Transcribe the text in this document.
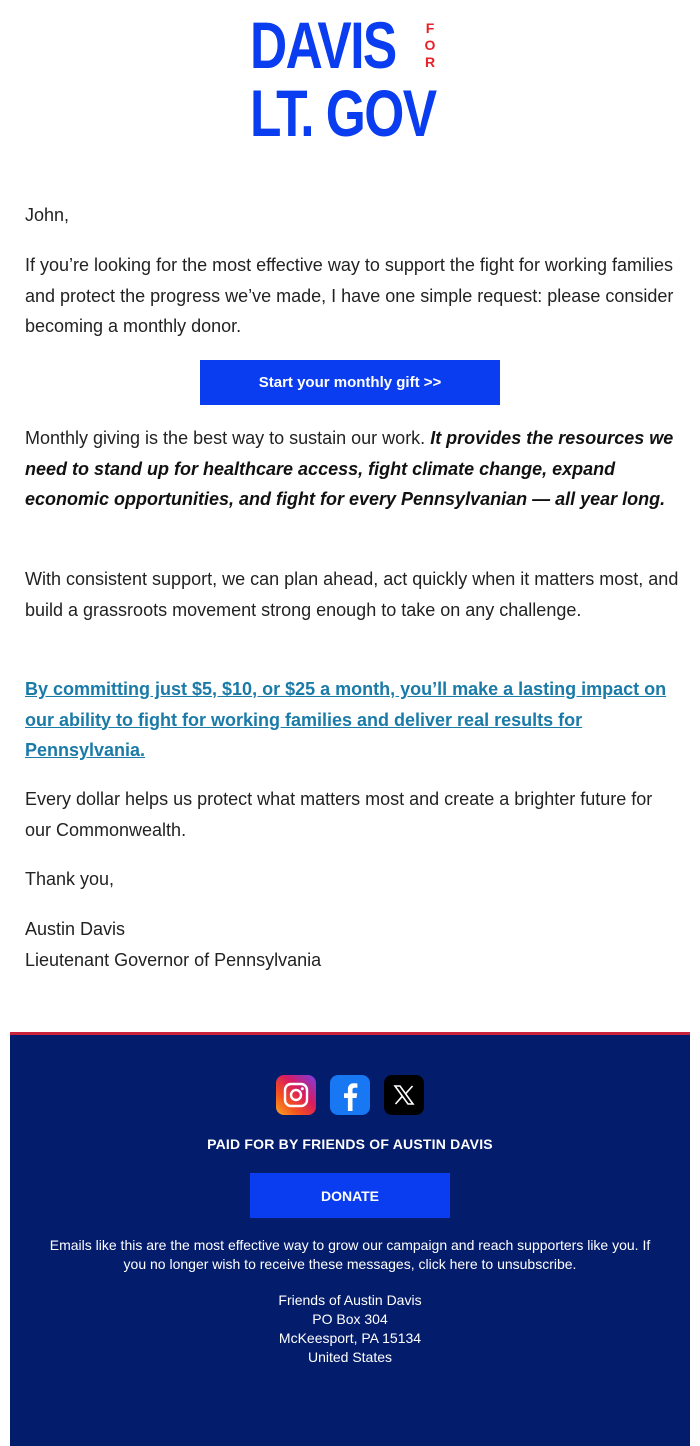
DAVIS	F
O
R
LT. GOV
John,
If you’re looking for the most effective way to support the fight for working families and protect the progress we’ve made, I have one simple request: please consider becoming a monthly donor.
Start your monthly gift >>
Monthly giving is the best way to sustain our work. It provides the resources we need to stand up for healthcare access, fight climate change, expand economic opportunities, and fight for every Pennsylvanian — all year long.
With consistent support, we can plan ahead, act quickly when it matters most, and build a grassroots movement strong enough to take on any challenge.
By committing just $5, $10, or $25 a month, you’ll make a lasting impact on our ability to fight for working families and deliver real results for Pennsylvania.
Every dollar helps us protect what matters most and create a brighter future for our Commonwealth.
Thank you,
Austin Davis
Lieutenant Governor of Pennsylvania
PAID FOR BY FRIENDS OF AUSTIN DAVIS
DONATE
Emails like this are the most effective way to grow our campaign and reach supporters like you. If you no longer wish to receive these messages, click here to unsubscribe.
Friends of Austin Davis
PO Box 304
McKeesport, PA 15134
United States
